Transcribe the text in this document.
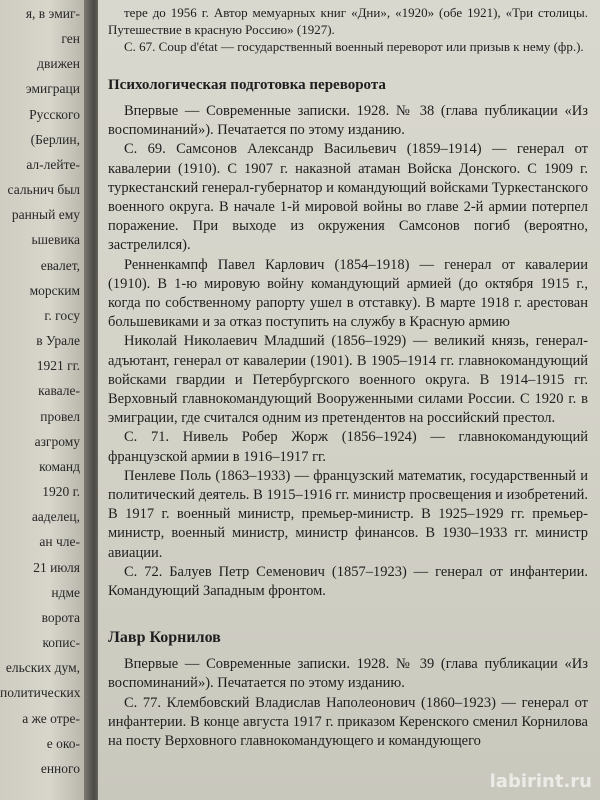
я, в эмиг-
ген
движен
эмиграци
Русского
(Берлин,
ал-лейте-
сальнич был
ранный ему
ьшевика
евалет,
морским
г. госу
в Урале
1921 гг.
кавале-
провел
азгрому
команд
1920 г.
ааделец,
ан чле-
21 июля
ндме
ворота
копис-
ельских дум,
политических
а же отре-
е око-
енного

тере до 1956 г. Автор мемуарных книг «Дни», «1920» (обе 1921), «Три столицы. Путешествие в красную Россию» (1927).

С. 67. Coup d'état — государственный военный переворот или призыв к нему (фр.).

Психологическая подготовка переворота

Впервые — Современные записки. 1928. № 38 (глава публикации «Из воспоминаний»). Печатается по этому изданию.

С. 69. Самсонов Александр Васильевич (1859–1914) — генерал от кавалерии (1910). С 1907 г. наказной атаман Войска Донского. С 1909 г. туркестанский генерал-губернатор и командующий войсками Туркестанского военного округа. В начале 1-й мировой войны во главе 2-й армии потерпел поражение. При выходе из окружения Самсонов погиб (вероятно, застрелился).

Ренненкампф Павел Карлович (1854–1918) — генерал от кавалерии (1910). В 1-ю мировую войну командующий армией (до октября 1915 г., когда по собственному рапорту ушел в отставку). В марте 1918 г. арестован большевиками и за отказ поступить на службу в Красную армию

Николай Николаевич Младший (1856–1929) — великий князь, генерал-адъютант, генерал от кавалерии (1901). В 1905–1914 гг. главнокомандующий войсками гвардии и Петербургского военного округа. В 1914–1915 гг. Верховный главнокомандующий Вооруженными силами России. С 1920 г. в эмиграции, где считался одним из претендентов на российский престол.

С. 71. Нивель Робер Жорж (1856–1924) — главнокомандующий французской армии в 1916–1917 гг.

Пенлеве Поль (1863–1933) — французский математик, государственный и политический деятель. В 1915–1916 гг. министр просвещения и изобретений. В 1917 г. военный министр, премьер-министр. В 1925–1929 гг. премьер-министр, военный министр, министр финансов. В 1930–1933 гг. министр авиации.

С. 72. Балуев Петр Семенович (1857–1923) — генерал от инфантерии. Командующий Западным фронтом.

Лавр Корнилов

Впервые — Современные записки. 1928. № 39 (глава публикации «Из воспоминаний»). Печатается по этому изданию.

С. 77. Клембовский Владислав Наполеонович (1860–1923) — генерал от инфантерии. В конце августа 1917 г. приказом Керенского сменил Корнилова на посту Верховного главнокомандующего и командующего

labirint.ru
